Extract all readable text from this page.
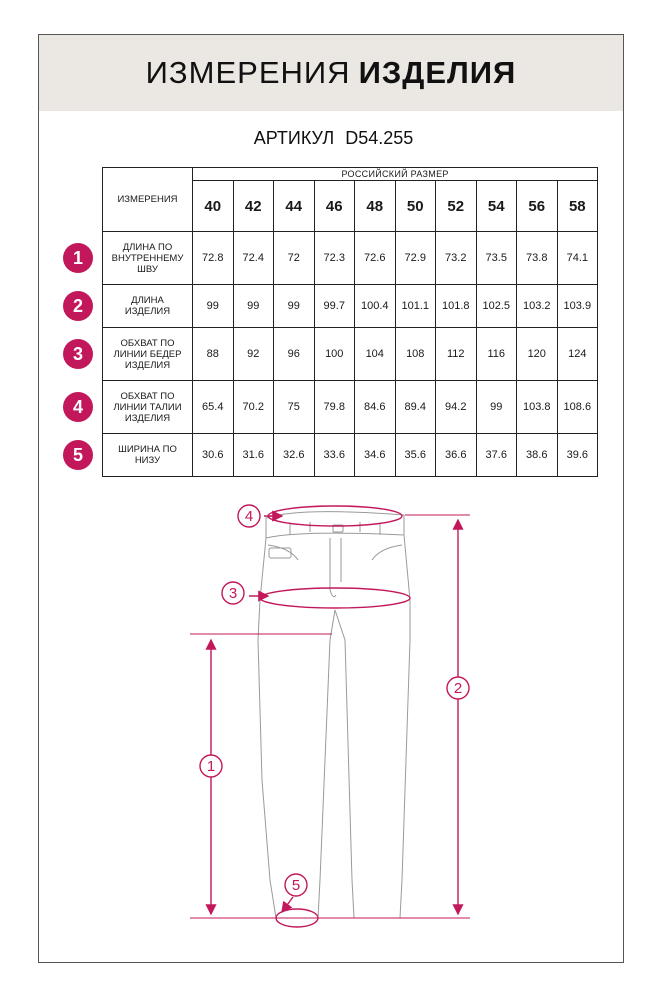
ИЗМЕРЕНИЯ ИЗДЕЛИЯ
АРТИКУЛ D54.255
ИЗМЕРЕНИЯ	РОССИЙСКИЙ РАЗМЕР									
	40	42	44	46	48	50	52	54	56	58
ДЛИНА ПО ВНУТРЕННЕМУ ШВУ	72.8	72.4	72	72.3	72.6	72.9	73.2	73.5	73.8	74.1
ДЛИНА ИЗДЕЛИЯ	99	99	99	99.7	100.4	101.1	101.8	102.5	103.2	103.9
ОБХВАТ ПО ЛИНИИ БЕДЕР ИЗДЕЛИЯ	88	92	96	100	104	108	112	116	120	124
ОБХВАТ ПО ЛИНИИ ТАЛИИ ИЗДЕЛИЯ	65.4	70.2	75	79.8	84.6	89.4	94.2	99	103.8	108.6
ШИРИНА ПО НИЗУ	30.6	31.6	32.6	33.6	34.6	35.6	36.6	37.6	38.6	39.6
1
2
3
4
5
1
2
3
4
5
